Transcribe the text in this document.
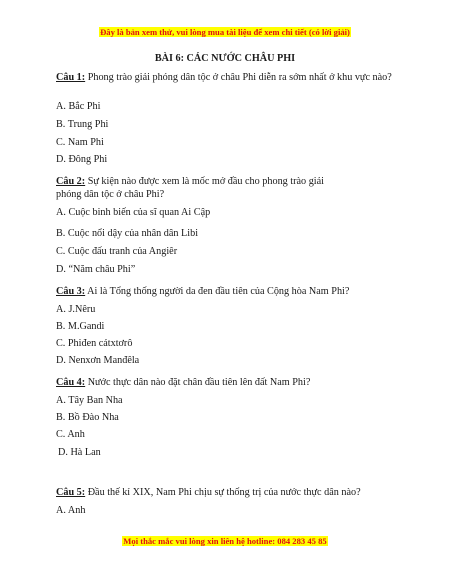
Đây là bản xem thử, vui lòng mua tài liệu để xem chi tiết (có lời giải)
BÀI 6: CÁC NƯỚC CHÂU PHI
Câu 1: Phong trào giải phóng dân tộc ở châu Phi diễn ra sớm nhất ở khu vực nào?
A. Bắc Phi
B. Trung Phi
C. Nam Phi
D. Đông Phi
Câu 2: Sự kiện nào được xem là mốc mở đầu cho phong trào giải phóng dân tộc ở châu Phi?
A. Cuộc binh biến của sĩ quan Ai Cập
B. Cuộc nổi dậy của nhân dân Libi
C. Cuộc đấu tranh của Angiêr
D. “Năm châu Phi”
Câu 3: Ai là Tổng thống người da đen đầu tiên của Cộng hòa Nam Phi?
A. J.Nêru
B. M.Gandi
C. Phiđen cátxtơrô
D. Nenxơn Manđêla
Câu 4: Nước thực dân nào đặt chân đầu tiên lên đất Nam Phi?
A. Tây Ban Nha
B. Bồ Đào Nha
C. Anh
D. Hà Lan
Câu 5: Đầu thế kỉ XIX, Nam Phi chịu sự thống trị của nước thực dân nào?
A. Anh
Mọi thắc mắc vui lòng xin liên hệ hotline: 084 283 45 85
